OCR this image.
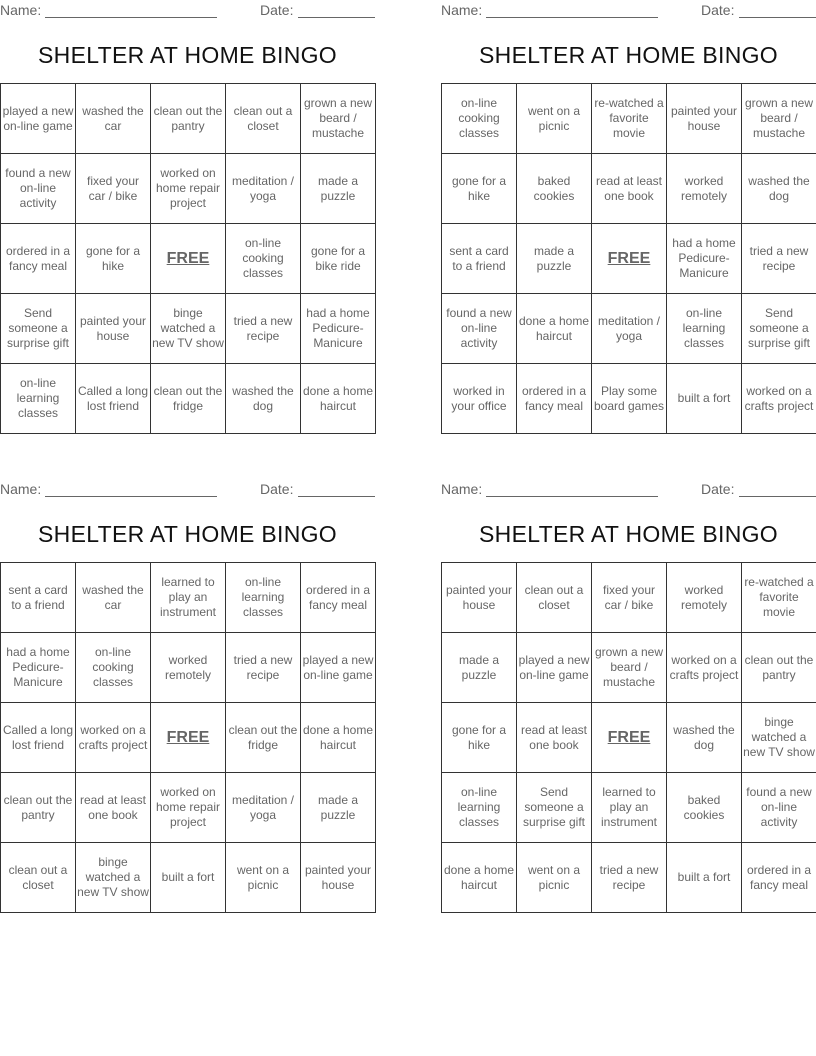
Name:	Date:
SHELTER AT HOME BINGO
played a new on-line game	washed the car	clean out the pantry	clean out a closet	grown a new beard / mustache
found a new on-line activity	fixed your car / bike	worked on home repair project	meditation / yoga	made a puzzle
ordered in a fancy meal	gone for a hike	FREE	on-line cooking classes	gone for a bike ride
Send someone a surprise gift	painted your house	binge watched a new TV show	tried a new recipe	had a home Pedicure-Manicure
on-line learning classes	Called a long lost friend	clean out the fridge	washed the dog	done a home haircut
Name:	Date:
SHELTER AT HOME BINGO
on-line cooking classes	went on a picnic	re-watched a favorite movie	painted your house	grown a new beard / mustache
gone for a hike	baked cookies	read at least one book	worked remotely	washed the dog
sent a card to a friend	made a puzzle	FREE	had a home Pedicure-Manicure	tried a new recipe
found a new on-line activity	done a home haircut	meditation / yoga	on-line learning classes	Send someone a surprise gift
worked in your office	ordered in a fancy meal	Play some board games	built a fort	worked on a crafts project
Name:	Date:
SHELTER AT HOME BINGO
sent a card to a friend	washed the car	learned to play an instrument	on-line learning classes	ordered in a fancy meal
had a home Pedicure-Manicure	on-line cooking classes	worked remotely	tried a new recipe	played a new on-line game
Called a long lost friend	worked on a crafts project	FREE	clean out the fridge	done a home haircut
clean out the pantry	read at least one book	worked on home repair project	meditation / yoga	made a puzzle
clean out a closet	binge watched a new TV show	built a fort	went on a picnic	painted your house
Name:	Date:
SHELTER AT HOME BINGO
painted your house	clean out a closet	fixed your car / bike	worked remotely	re-watched a favorite movie
made a puzzle	played a new on-line game	grown a new beard / mustache	worked on a crafts project	clean out the pantry
gone for a hike	read at least one book	FREE	washed the dog	binge watched a new TV show
on-line learning classes	Send someone a surprise gift	learned to play an instrument	baked cookies	found a new on-line activity
done a home haircut	went on a picnic	tried a new recipe	built a fort	ordered in a fancy meal
